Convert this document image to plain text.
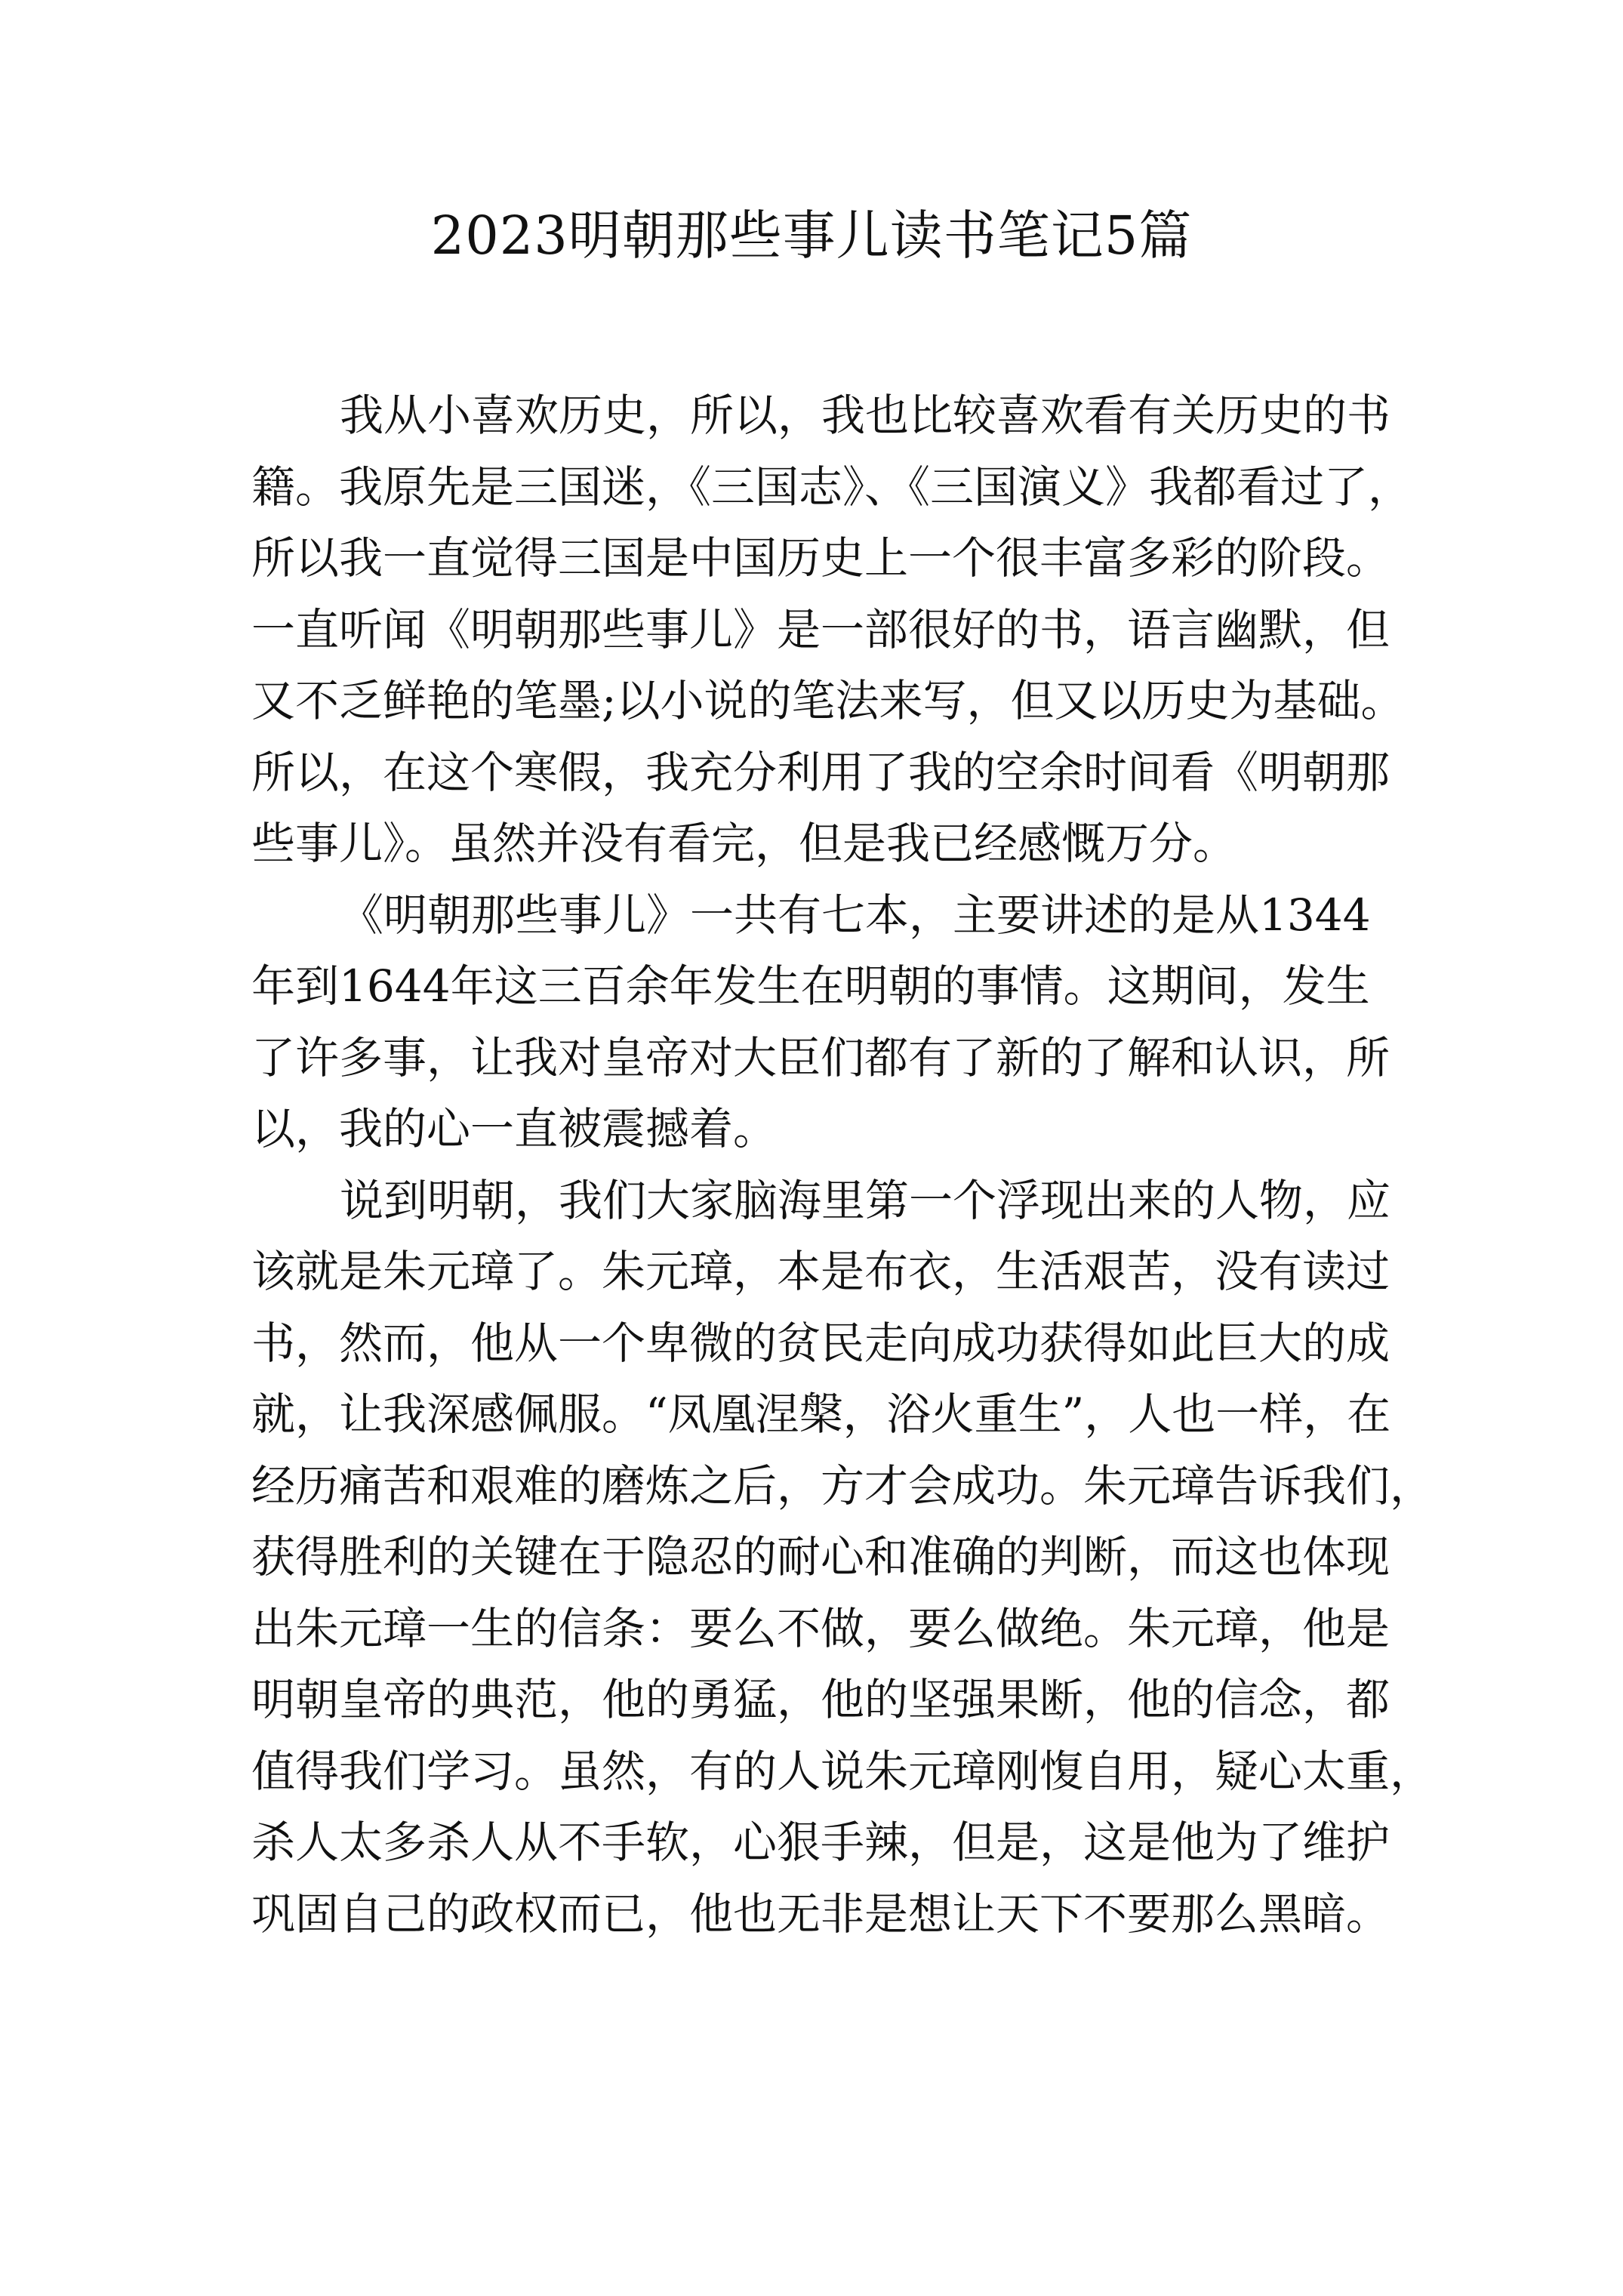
2023明朝那些事儿读书笔记5篇
我从小喜欢历史，所以，我也比较喜欢看有关历史的书
籍。我原先是三国迷，《三国志》、《三国演义》我都看过了，
所以我一直觉得三国是中国历史上一个很丰富多彩的阶段。
一直听闻《明朝那些事儿》是一部很好的书，语言幽默，但
又不乏鲜艳的笔墨;以小说的笔法来写，但又以历史为基础。
所以，在这个寒假，我充分利用了我的空余时间看《明朝那
些事儿》。虽然并没有看完，但是我已经感慨万分。
《明朝那些事儿》一共有七本，主要讲述的是从1344
年到1644年这三百余年发生在明朝的事情。这期间，发生
了许多事，让我对皇帝对大臣们都有了新的了解和认识，所
以，我的心一直被震撼着。
说到明朝，我们大家脑海里第一个浮现出来的人物，应
该就是朱元璋了。朱元璋，本是布衣，生活艰苦，没有读过
书，然而，他从一个卑微的贫民走向成功获得如此巨大的成
就，让我深感佩服。“凤凰涅槃，浴火重生”，人也一样，在
经历痛苦和艰难的磨炼之后，方才会成功。朱元璋告诉我们，
获得胜利的关键在于隐忍的耐心和准确的判断，而这也体现
出朱元璋一生的信条：要么不做，要么做绝。朱元璋，他是
明朝皇帝的典范，他的勇猛，他的坚强果断，他的信念，都
值得我们学习。虽然，有的人说朱元璋刚愎自用，疑心太重，
杀人太多杀人从不手软，心狠手辣，但是，这是他为了维护
巩固自己的政权而已，他也无非是想让天下不要那么黑暗。
